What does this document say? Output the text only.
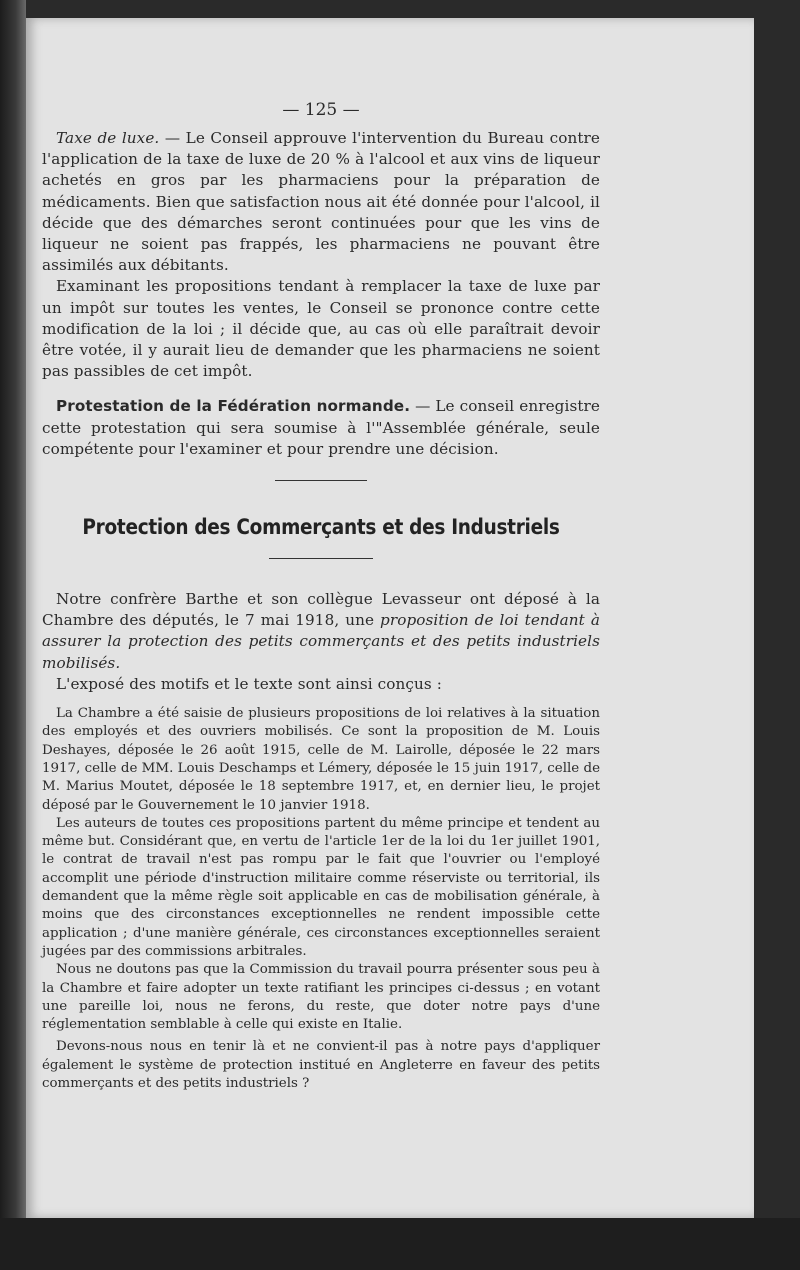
— 125 —

Taxe de luxe. — Le Conseil approuve l'intervention du Bureau contre l'application de la taxe de luxe de 20 % à l'alcool et aux vins de liqueur achetés en gros par les pharmaciens pour la préparation de médicaments. Bien que satisfaction nous ait été donnée pour l'alcool, il décide que des démarches seront continuées pour que les vins de liqueur ne soient pas frappés, les pharmaciens ne pouvant être assimilés aux débitants.

Examinant les propositions tendant à remplacer la taxe de luxe par un impôt sur toutes les ventes, le Conseil se prononce contre cette modification de la loi ; il décide que, au cas où elle paraîtrait devoir être votée, il y aurait lieu de demander que les pharmaciens ne soient pas passibles de cet impôt.

Protestation de la Fédération normande. — Le conseil enregistre cette protestation qui sera soumise à l'"Assemblée générale, seule compétente pour l'examiner et pour prendre une décision.

Protection des Commerçants et des Industriels

Notre confrère Barthe et son collègue Levasseur ont déposé à la Chambre des députés, le 7 mai 1918, une proposition de loi tendant à assurer la protection des petits commerçants et des petits industriels mobilisés.

L'exposé des motifs et le texte sont ainsi conçus :

La Chambre a été saisie de plusieurs propositions de loi relatives à la situation des employés et des ouvriers mobilisés. Ce sont la proposition de M. Louis Deshayes, déposée le 26 août 1915, celle de M. Lairolle, déposée le 22 mars 1917, celle de MM. Louis Deschamps et Lémery, déposée le 15 juin 1917, celle de M. Marius Moutet, déposée le 18 septembre 1917, et, en dernier lieu, le projet déposé par le Gouvernement le 10 janvier 1918.

Les auteurs de toutes ces propositions partent du même principe et tendent au même but. Considérant que, en vertu de l'article 1er de la loi du 1er juillet 1901, le contrat de travail n'est pas rompu par le fait que l'ouvrier ou l'employé accomplit une période d'instruction militaire comme réserviste ou territorial, ils demandent que la même règle soit applicable en cas de mobilisation générale, à moins que des circonstances exceptionnelles ne rendent impossible cette application ; d'une manière générale, ces circonstances exceptionnelles seraient jugées par des commissions arbitrales.

Nous ne doutons pas que la Commission du travail pourra présenter sous peu à la Chambre et faire adopter un texte ratifiant les principes ci-dessus ; en votant une pareille loi, nous ne ferons, du reste, que doter notre pays d'une réglementation semblable à celle qui existe en Italie.

Devons-nous nous en tenir là et ne convient-il pas à notre pays d'appliquer également le système de protection institué en Angleterre en faveur des petits commerçants et des petits industriels ?
